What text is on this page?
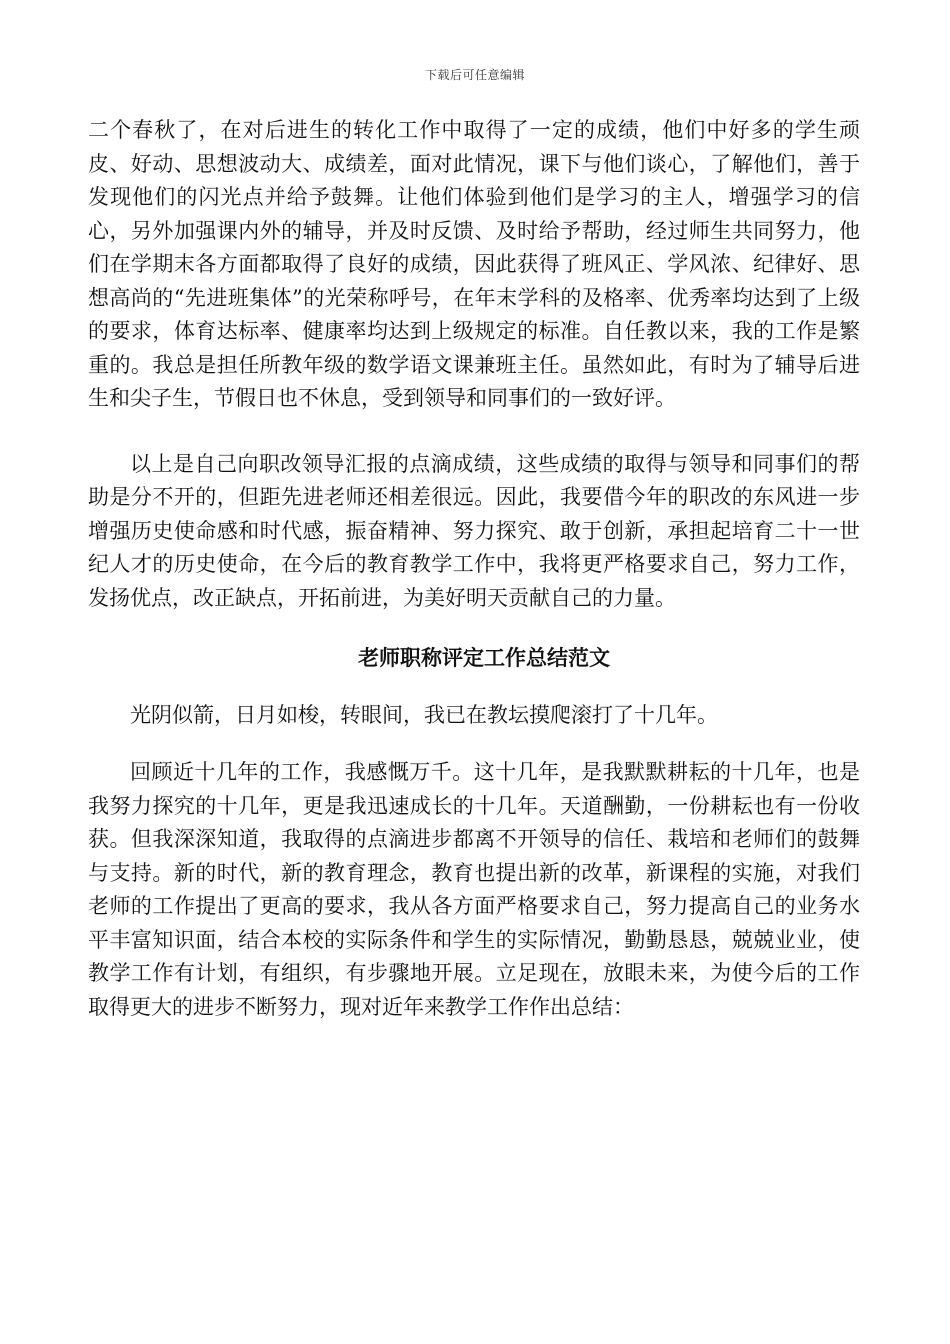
下载后可任意编辑

二个春秋了，在对后进生的转化工作中取得了一定的成绩，他们中好多的学生顽皮、好动、思想波动大、成绩差，面对此情况，课下与他们谈心，了解他们，善于发现他们的闪光点并给予鼓舞。让他们体验到他们是学习的主人，增强学习的信心，另外加强课内外的辅导，并及时反馈、及时给予帮助，经过师生共同努力，他们在学期末各方面都取得了良好的成绩，因此获得了班风正、学风浓、纪律好、思想高尚的“先进班集体”的光荣称呼号，在年末学科的及格率、优秀率均达到了上级的要求，体育达标率、健康率均达到上级规定的标准。自任教以来，我的工作是繁重的。我总是担任所教年级的数学语文课兼班主任。虽然如此，有时为了辅导后进生和尖子生，节假日也不休息，受到领导和同事们的一致好评。

以上是自己向职改领导汇报的点滴成绩，这些成绩的取得与领导和同事们的帮助是分不开的，但距先进老师还相差很远。因此，我要借今年的职改的东风进一步增强历史使命感和时代感，振奋精神、努力探究、敢于创新，承担起培育二十一世纪人才的历史使命，在今后的教育教学工作中，我将更严格要求自己，努力工作，发扬优点，改正缺点，开拓前进，为美好明天贡献自己的力量。

老师职称评定工作总结范文

光阴似箭，日月如梭，转眼间，我已在教坛摸爬滚打了十几年。

回顾近十几年的工作，我感慨万千。这十几年，是我默默耕耘的十几年，也是我努力探究的十几年，更是我迅速成长的十几年。天道酬勤，一份耕耘也有一份收获。但我深深知道，我取得的点滴进步都离不开领导的信任、栽培和老师们的鼓舞与支持。新的时代，新的教育理念，教育也提出新的改革，新课程的实施，对我们老师的工作提出了更高的要求，我从各方面严格要求自己，努力提高自己的业务水平丰富知识面，结合本校的实际条件和学生的实际情况，勤勤恳恳，兢兢业业，使教学工作有计划，有组织，有步骤地开展。立足现在，放眼未来，为使今后的工作取得更大的进步不断努力，现对近年来教学工作作出总结：
